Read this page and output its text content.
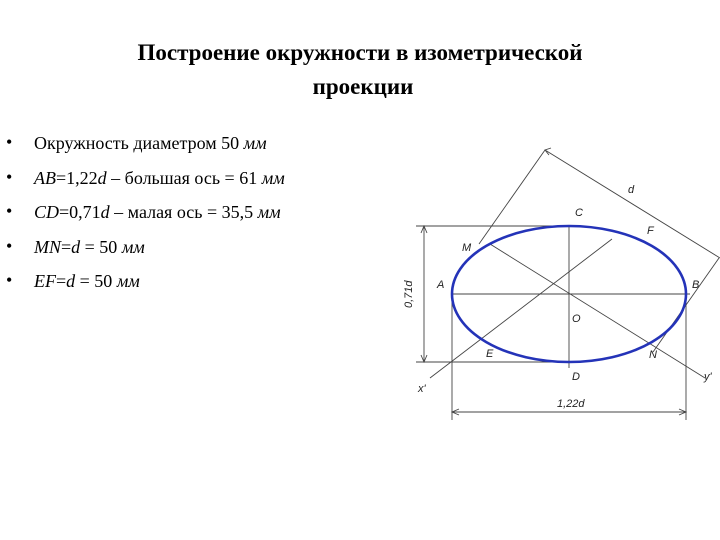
Построение окружности в изометрической
проекции
• Окружность диаметром 50 мм
• AB=1,22d – большая ось = 61 мм
• CD=0,71d – малая ось = 35,5 мм
• MN=d = 50 мм
• EF=d = 50 мм	A	B
C
D
O
M
N
E
F
x'
y'
d
1,22d
0,71d
